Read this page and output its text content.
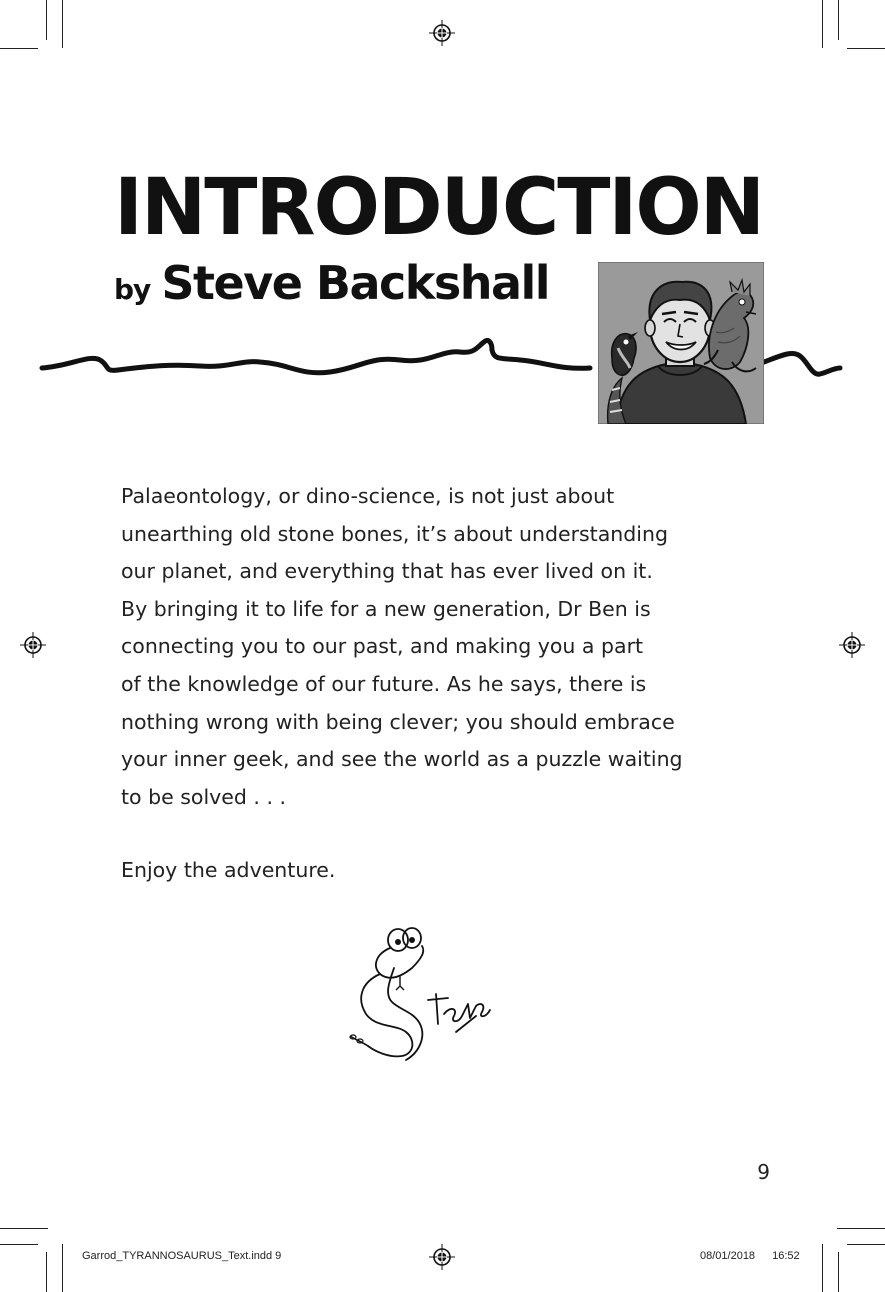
INTRODUCTION
by Steve Backshall
Palaeontology, or dino-science, is not just about
unearthing old stone bones, it’s about understanding
our planet, and everything that has ever lived on it.
By bringing it to life for a new generation, Dr Ben is
connecting you to our past, and making you a part
of the knowledge of our future. As he says, there is
nothing wrong with being clever; you should embrace
your inner geek, and see the world as a puzzle waiting
to be solved . . .
Enjoy the adventure.
9
Garrod_TYRANNOSAURUS_Text.indd 9	08/01/2018 16:52
